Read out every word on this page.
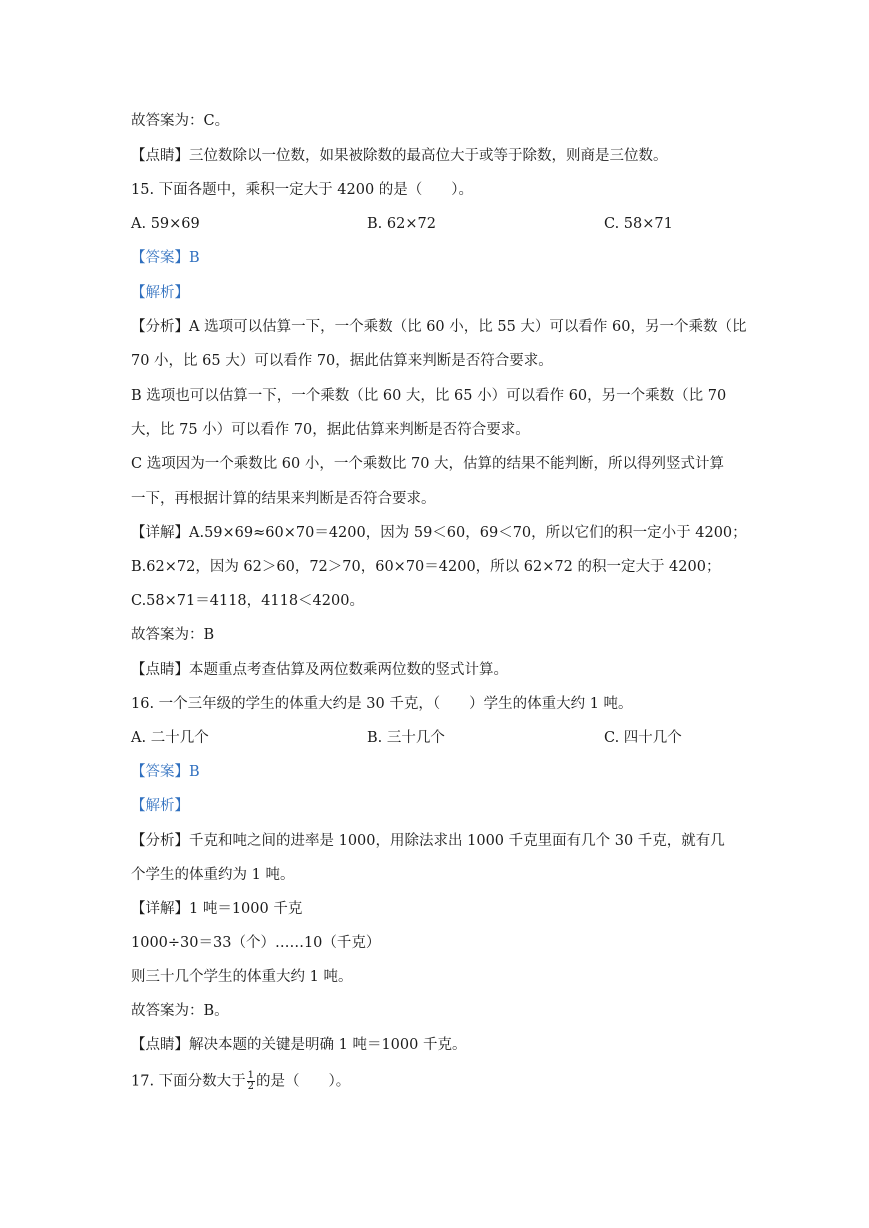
故答案为：C。
【点睛】三位数除以一位数，如果被除数的最高位大于或等于除数，则商是三位数。
15. 下面各题中，乘积一定大于 4200 的是（　　）。
A. 59×69	B. 62×72	C. 58×71
【答案】B
【解析】
【分析】A 选项可以估算一下，一个乘数（比 60 小，比 55 大）可以看作 60，另一个乘数（比
70 小，比 65 大）可以看作 70，据此估算来判断是否符合要求。
B 选项也可以估算一下，一个乘数（比 60 大，比 65 小）可以看作 60，另一个乘数（比 70
大，比 75 小）可以看作 70，据此估算来判断是否符合要求。
C 选项因为一个乘数比 60 小，一个乘数比 70 大，估算的结果不能判断，所以得列竖式计算
一下，再根据计算的结果来判断是否符合要求。
【详解】A.59×69≈60×70＝4200，因为 59＜60，69＜70，所以它们的积一定小于 4200；
B.62×72，因为 62＞60，72＞70，60×70＝4200，所以 62×72 的积一定大于 4200；
C.58×71＝4118，4118＜4200。
故答案为：B
【点睛】本题重点考查估算及两位数乘两位数的竖式计算。
16. 一个三年级的学生的体重大约是 30 千克，（　　）学生的体重大约 1 吨。
A. 二十几个	B. 三十几个	C. 四十几个
【答案】B
【解析】
【分析】千克和吨之间的进率是 1000，用除法求出 1000 千克里面有几个 30 千克，就有几
个学生的体重约为 1 吨。
【详解】1 吨＝1000 千克
1000÷30＝33（个）……10（千克）
则三十几个学生的体重大约 1 吨。
故答案为：B。
【点睛】解决本题的关键是明确 1 吨＝1000 千克。
17. 下面分数大于 $\frac{1}{2}$ 的是（　　）。
